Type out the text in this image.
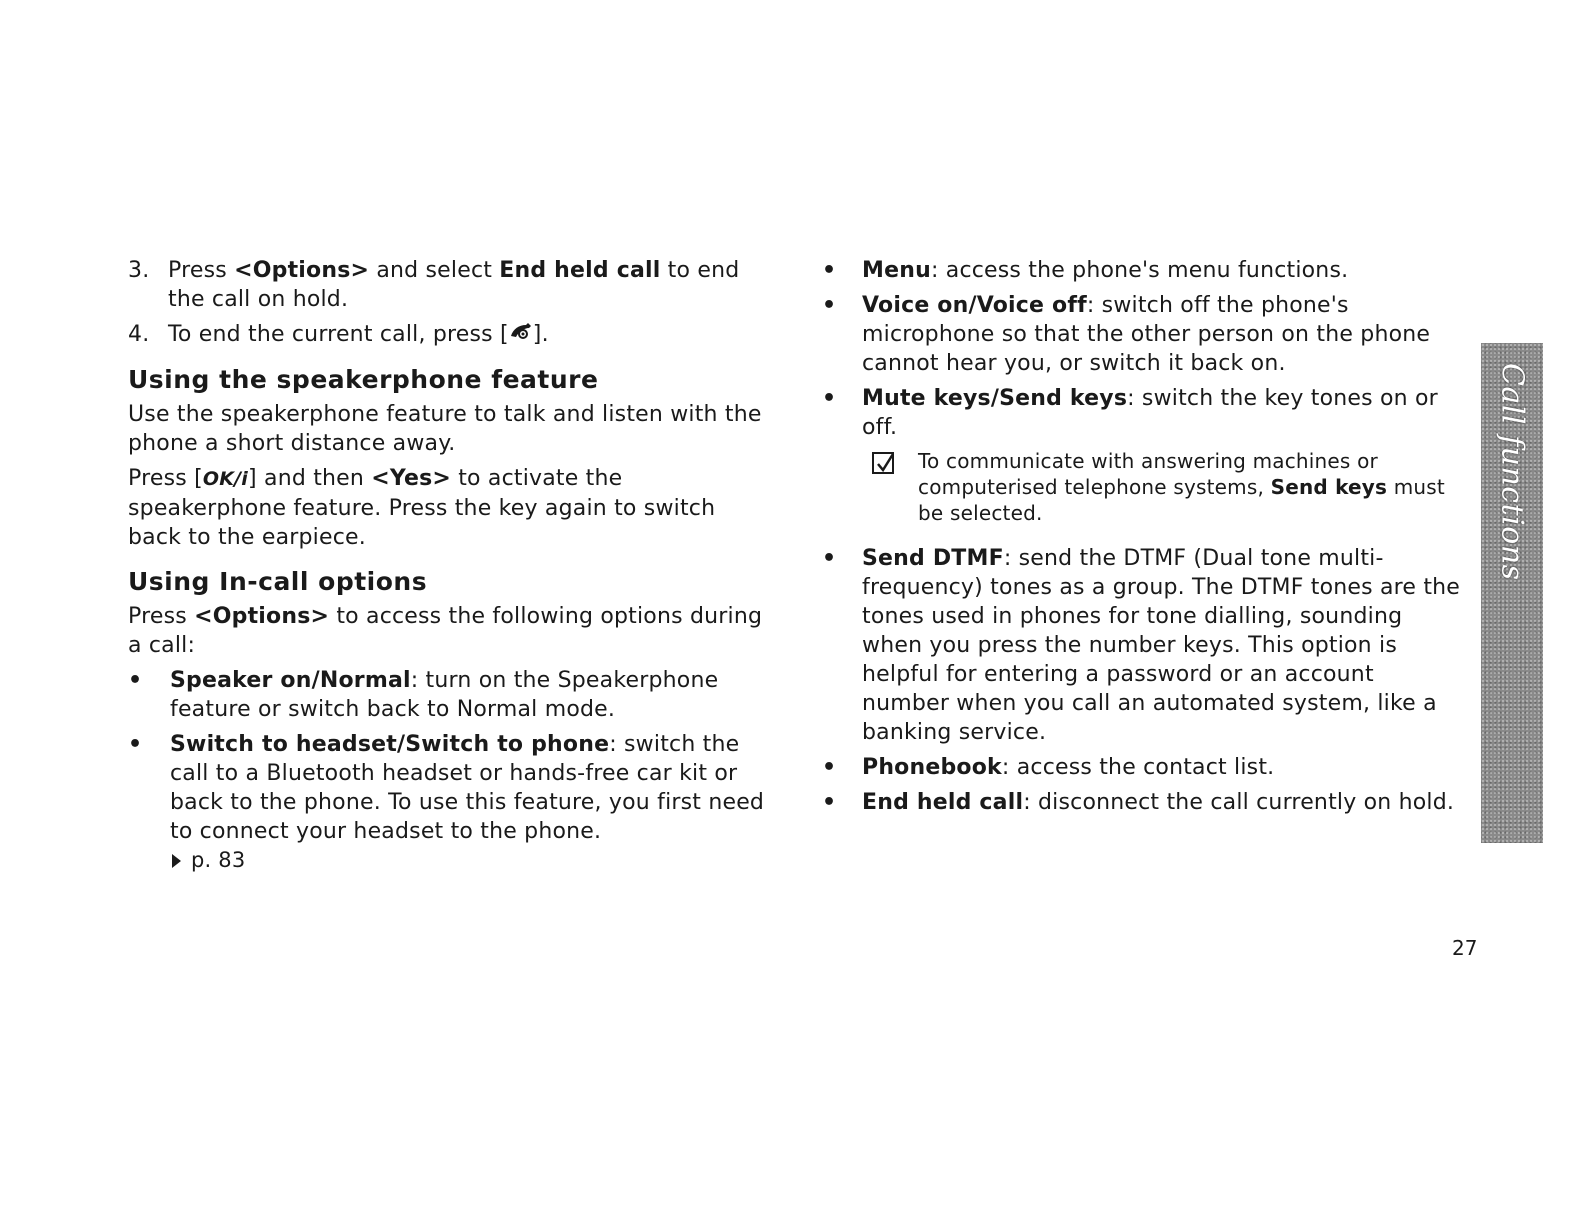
3. Press <Options> and select End held call to end the call on hold.

4. To end the current call, press [ ].

Using the speakerphone feature

Use the speakerphone feature to talk and listen with the phone a short distance away.

Press [OK/i] and then <Yes> to activate the speakerphone feature. Press the key again to switch back to the earpiece.

Using In-call options

Press <Options> to access the following options during a call:

• Speaker on/Normal: turn on the Speakerphone feature or switch back to Normal mode.

• Switch to headset/Switch to phone: switch the call to a Bluetooth headset or hands-free car kit or back to the phone. To use this feature, you first need to connect your headset to the phone.

p. 83
• Menu: access the phone's menu functions.

• Voice on/Voice off: switch off the phone's microphone so that the other person on the phone cannot hear you, or switch it back on.

• Mute keys/Send keys: switch the key tones on or off.

To communicate with answering machines or computerised telephone systems, Send keys must be selected.

• Send DTMF: send the DTMF (Dual tone multi-frequency) tones as a group. The DTMF tones are the tones used in phones for tone dialling, sounding when you press the number keys. This option is helpful for entering a password or an account number when you call an automated system, like a banking service.

• Phonebook: access the contact list.

• End held call: disconnect the call currently on hold.

Call functions
27
